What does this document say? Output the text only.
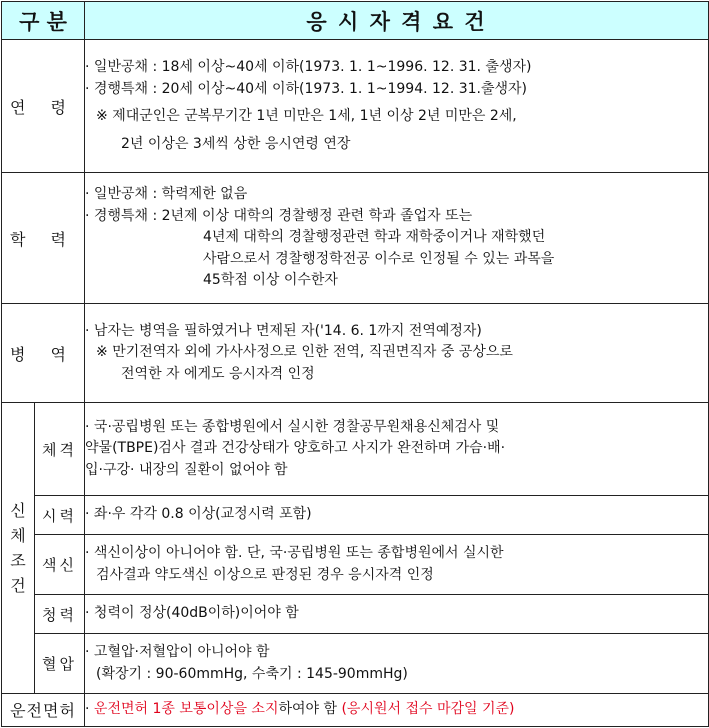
구 분		응 시 자 격 요 건
연 령		· 일반공채 : 18세 이상~40세 이하(1973. 1. 1~1996. 12. 31. 출생자)
· 경행특채 : 20세 이상~40세 이하(1973. 1. 1~1994. 12. 31.출생자)
※ 제대군인은 군복무기간 1년 미만은 1세, 1년 이상 2년 미만은 2세,
2년 이상은 3세씩 상한 응시연령 연장

학 력		· 일반공채 : 학력제한 없음
· 경행특채 : 2년제 이상 대학의 경찰행정 관련 학과 졸업자 또는
4년제 대학의 경찰행정관련 학과 재학중이거나 재학했던
사람으로서 경찰행정학전공 이수로 인정될 수 있는 과목을
45학점 이상 이수한자

병 역		· 남자는 병역을 필하였거나 면제된 자('14. 6. 1까지 전역예정자)
※ 만기전역자 외에 가사사정으로 인한 전역, 직권면직자 중 공상으로
전역한 자 에게도 응시자격 인정

신
체
조
건	체격	· 국·공립병원 또는 종합병원에서 실시한 경찰공무원채용신체검사 및
약물(TBPE)검사 결과 건강상태가 양호하고 사지가 완전하며 가슴·배·
입·구강· 내장의 질환이 없어야 함

	시력	· 좌·우 각각 0.8 이상(교정시력 포함)

	색신	· 색신이상이 아니어야 함. 단, 국·공립병원 또는 종합병원에서 실시한
검사결과 약도색신 이상으로 판정된 경우 응시자격 인정

	청력	· 청력이 정상(40dB이하)이어야 함

	혈압	· 고혈압·저혈압이 아니어야 함
(확장기 : 90-60mmHg, 수축기 : 145-90mmHg)

운전면허		· 운전면허 1종 보통이상을 소지하여야 함 (응시원서 접수 마감일 기준)
